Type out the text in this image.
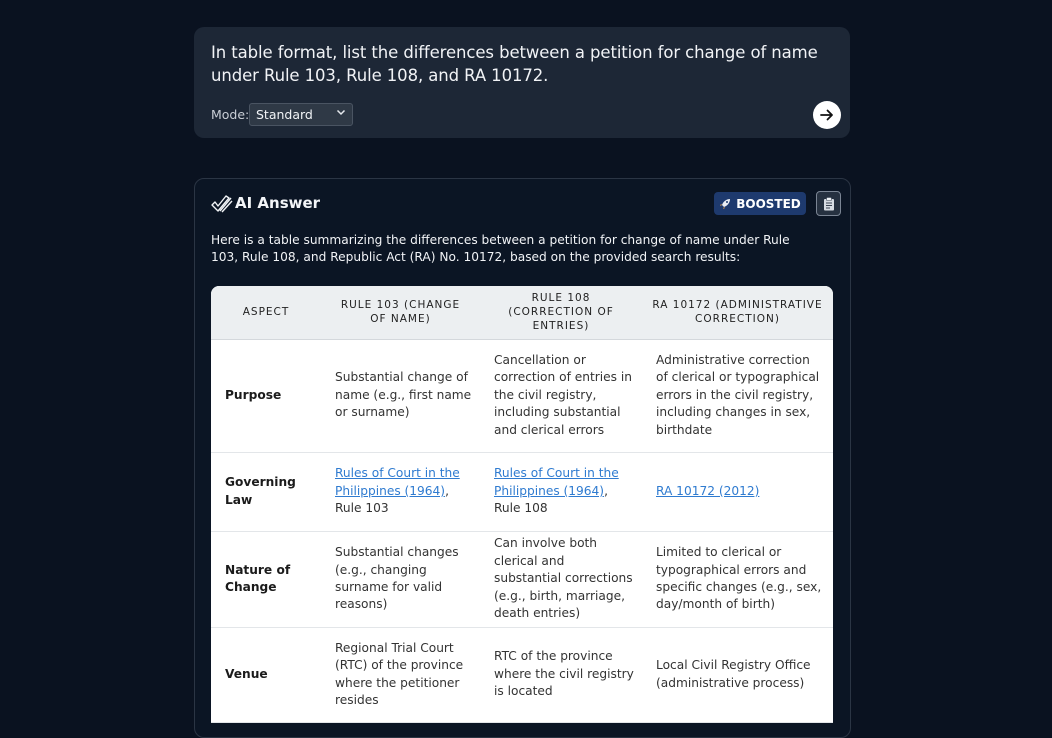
In table format, list the differences between a petition for change of name under Rule 103, Rule 108, and RA 10172.
Mode: Standard
AI Answer	BOOSTED
Here is a table summarizing the differences between a petition for change of name under Rule 103, Rule 108, and Republic Act (RA) No. 10172, based on the provided search results:
ASPECT	RULE 103 (CHANGE OF NAME)	RULE 108 (CORRECTION OF ENTRIES)	RA 10172 (ADMINISTRATIVE CORRECTION)
Purpose	Substantial change of name (e.g., first name or surname)	Cancellation or correction of entries in the civil registry, including substantial and clerical errors	Administrative correction of clerical or typographical errors in the civil registry, including changes in sex, birthdate
Governing Law	Rules of Court in the Philippines (1964), Rule 103	Rules of Court in the Philippines (1964), Rule 108	RA 10172 (2012)
Nature of Change	Substantial changes (e.g., changing surname for valid reasons)	Can involve both clerical and substantial corrections (e.g., birth, marriage, death entries)	Limited to clerical or typographical errors and specific changes (e.g., sex, day/month of birth)
Venue	Regional Trial Court (RTC) of the province where the petitioner resides	RTC of the province where the civil registry is located	Local Civil Registry Office (administrative process)
